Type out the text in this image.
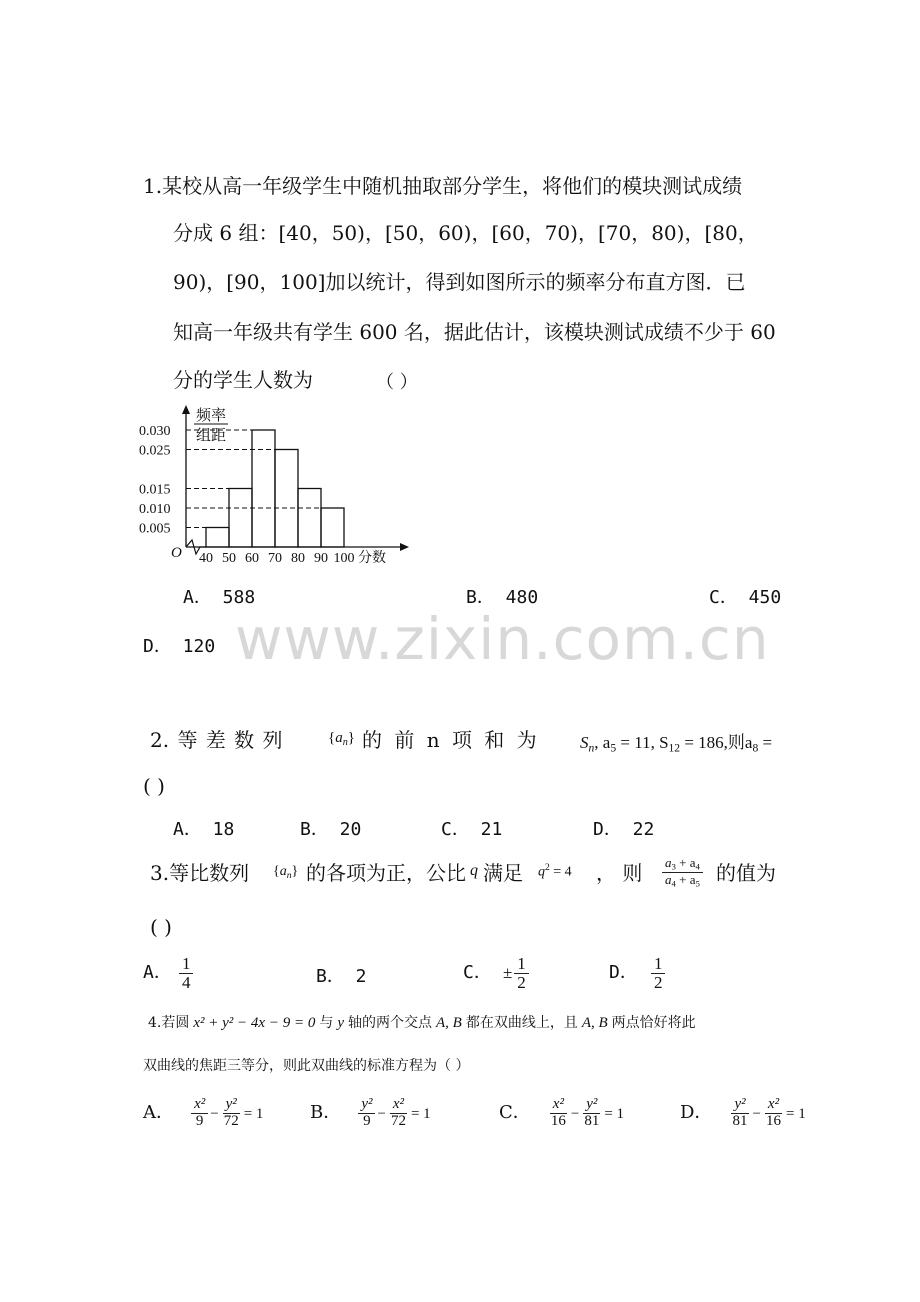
www.zixin.com.cn
1.某校从高一年级学生中随机抽取部分学生，将他们的模块测试成绩
分成 6 组：[40，50)，[50，60)，[60，70)，[70，80)，[80，
90)，[90，100]加以统计，得到如图所示的频率分布直方图．已
知高一年级共有学生 600 名，据此估计，该模块测试成绩不少于 60
分的学生人数为	（ ）
频率
组距
O
0.030
0.025
0.015
0.010
0.005
40 50 60 70 80 90 100 分数
A． 588	B． 480	C． 450
D． 120
2. 等 差 数 列	$\{a_n\}$ 的 前 n 项 和 为	$S_n$, $a_5 = 11$, $S_{12} = 186$,则$a_8$ =
( )
A． 18	B． 20	C． 21	D． 22
3.等比数列 $\{a_n\}$ 的各项为正，公比 q 满足 $q^2 = 4$ ， 则 $\frac{a_3 + a_4}{a_4 + a_5}$ 的值为
( )
A． $\frac{1}{4}$	B． 2	C． ± $\frac{1}{2}$	D． $\frac{1}{2}$
4.若圆 x² + y² − 4x − 9 = 0 与 y 轴的两个交点 A, B 都在双曲线上，且 A, B 两点恰好将此
双曲线的焦距三等分，则此双曲线的标准方程为（ ）
A． $\frac{\text{x²}}{9} - \frac{\text{y²}}{72} = 1$	B． $\frac{\text{y²}}{9} - \frac{\text{x²}}{72} = 1$	C． $\frac{\text{x²}}{16} - \frac{\text{y²}}{81} = 1$	D． $\frac{\text{y²}}{81} - \frac{\text{x²}}{16} = 1$
